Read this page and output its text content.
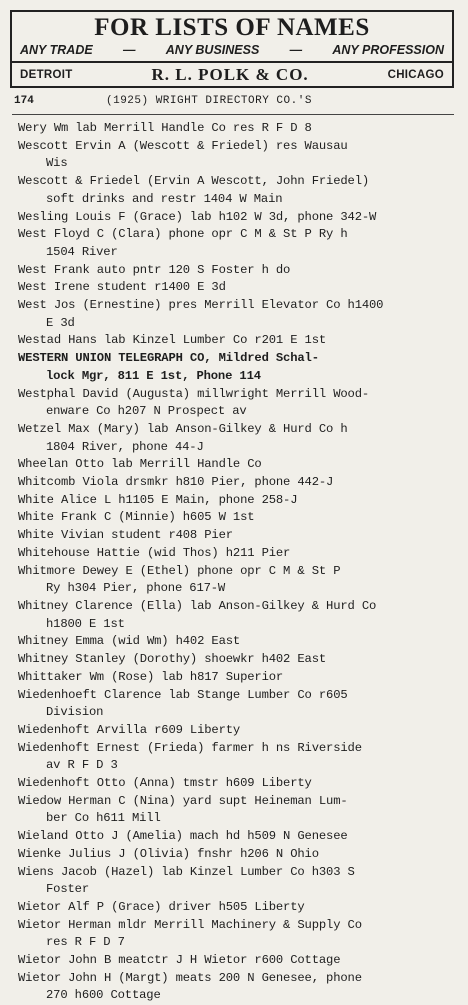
FOR LISTS OF NAMES
ANY TRADE — ANY BUSINESS — ANY PROFESSION
DETROIT	R. L. POLK & CO.	CHICAGO
174	(1925) WRIGHT DIRECTORY CO.'S
Wery Wm lab Merrill Handle Co res R F D 8
Wescott Ervin A (Wescott & Friedel) res Wausau
Wis
Wescott & Friedel (Ervin A Wescott, John Friedel)
soft drinks and restr 1404 W Main
Wesling Louis F (Grace) lab h102 W 3d, phone 342-W
West Floyd C (Clara) phone opr C M & St P Ry h
1504 River
West Frank auto pntr 120 S Foster h do
West Irene student r1400 E 3d
West Jos (Ernestine) pres Merrill Elevator Co h1400
E 3d
Westad Hans lab Kinzel Lumber Co r201 E 1st
WESTERN UNION TELEGRAPH CO, Mildred Schal-
lock Mgr, 811 E 1st, Phone 114
Westphal David (Augusta) millwright Merrill Wood-
enware Co h207 N Prospect av
Wetzel Max (Mary) lab Anson-Gilkey & Hurd Co h
1804 River, phone 44-J
Wheelan Otto lab Merrill Handle Co
Whitcomb Viola drsmkr h810 Pier, phone 442-J
White Alice L h1105 E Main, phone 258-J
White Frank C (Minnie) h605 W 1st
White Vivian student r408 Pier
Whitehouse Hattie (wid Thos) h211 Pier
Whitmore Dewey E (Ethel) phone opr C M & St P
Ry h304 Pier, phone 617-W
Whitney Clarence (Ella) lab Anson-Gilkey & Hurd Co
h1800 E 1st
Whitney Emma (wid Wm) h402 East
Whitney Stanley (Dorothy) shoewkr h402 East
Whittaker Wm (Rose) lab h817 Superior
Wiedenhoeft Clarence lab Stange Lumber Co r605
Division
Wiedenhoft Arvilla r609 Liberty
Wiedenhoft Ernest (Frieda) farmer h ns Riverside
av R F D 3
Wiedenhoft Otto (Anna) tmstr h609 Liberty
Wiedow Herman C (Nina) yard supt Heineman Lum-
ber Co h611 Mill
Wieland Otto J (Amelia) mach hd h509 N Genesee
Wienke Julius J (Olivia) fnshr h206 N Ohio
Wiens Jacob (Hazel) lab Kinzel Lumber Co h303 S
Foster
Wietor Alf P (Grace) driver h505 Liberty
Wietor Herman mldr Merrill Machinery & Supply Co
res R F D 7
Wietor John B meatctr J H Wietor r600 Cottage
Wietor John H (Margt) meats 200 N Genesee, phone
270 h600 Cottage
